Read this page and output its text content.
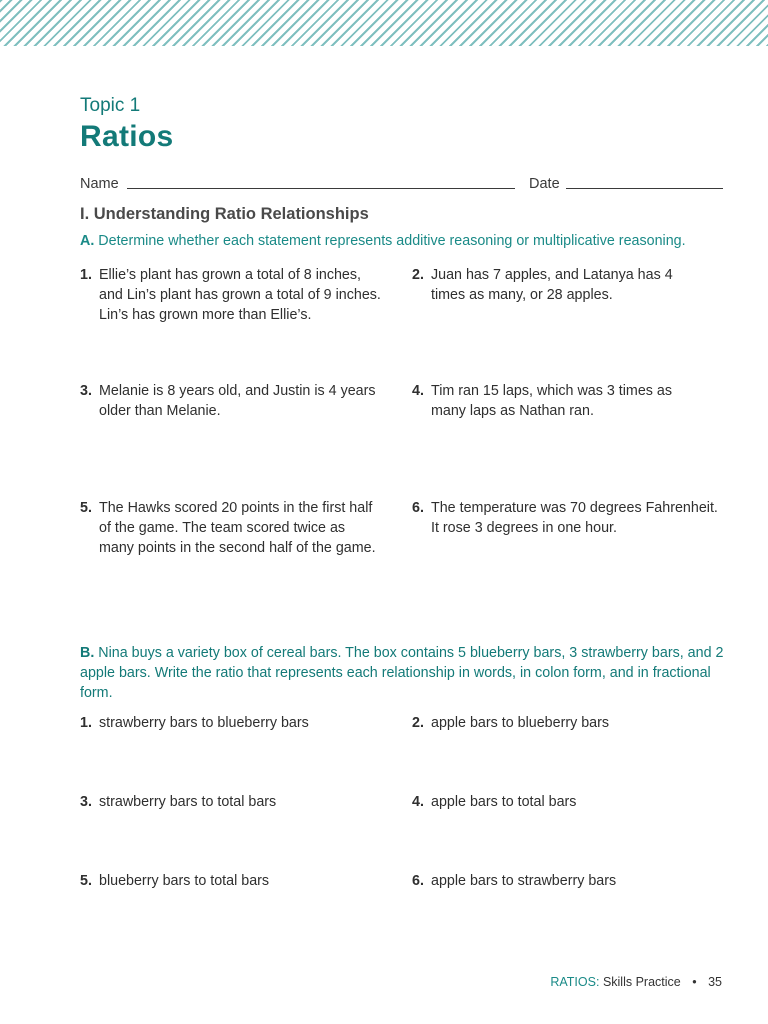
Topic 1
Ratios
Name	Date
I. Understanding Ratio Relationships
A. Determine whether each statement represents additive reasoning or multiplicative reasoning.
1. Ellie’s plant has grown a total of 8 inches, and Lin’s plant has grown a total of 9 inches. Lin’s has grown more than Ellie’s.
2. Juan has 7 apples, and Latanya has 4 times as many, or 28 apples.
3. Melanie is 8 years old, and Justin is 4 years older than Melanie.
4. Tim ran 15 laps, which was 3 times as many laps as Nathan ran.
5. The Hawks scored 20 points in the first half of the game. The team scored twice as many points in the second half of the game.
6. The temperature was 70 degrees Fahrenheit. It rose 3 degrees in one hour.
B. Nina buys a variety box of cereal bars. The box contains 5 blueberry bars, 3 strawberry bars, and 2 apple bars. Write the ratio that represents each relationship in words, in colon form, and in fractional form.
1. strawberry bars to blueberry bars	2. apple bars to blueberry bars
3. strawberry bars to total bars	4. apple bars to total bars
5. blueberry bars to total bars	6. apple bars to strawberry bars
RATIOS: Skills Practice • 35
